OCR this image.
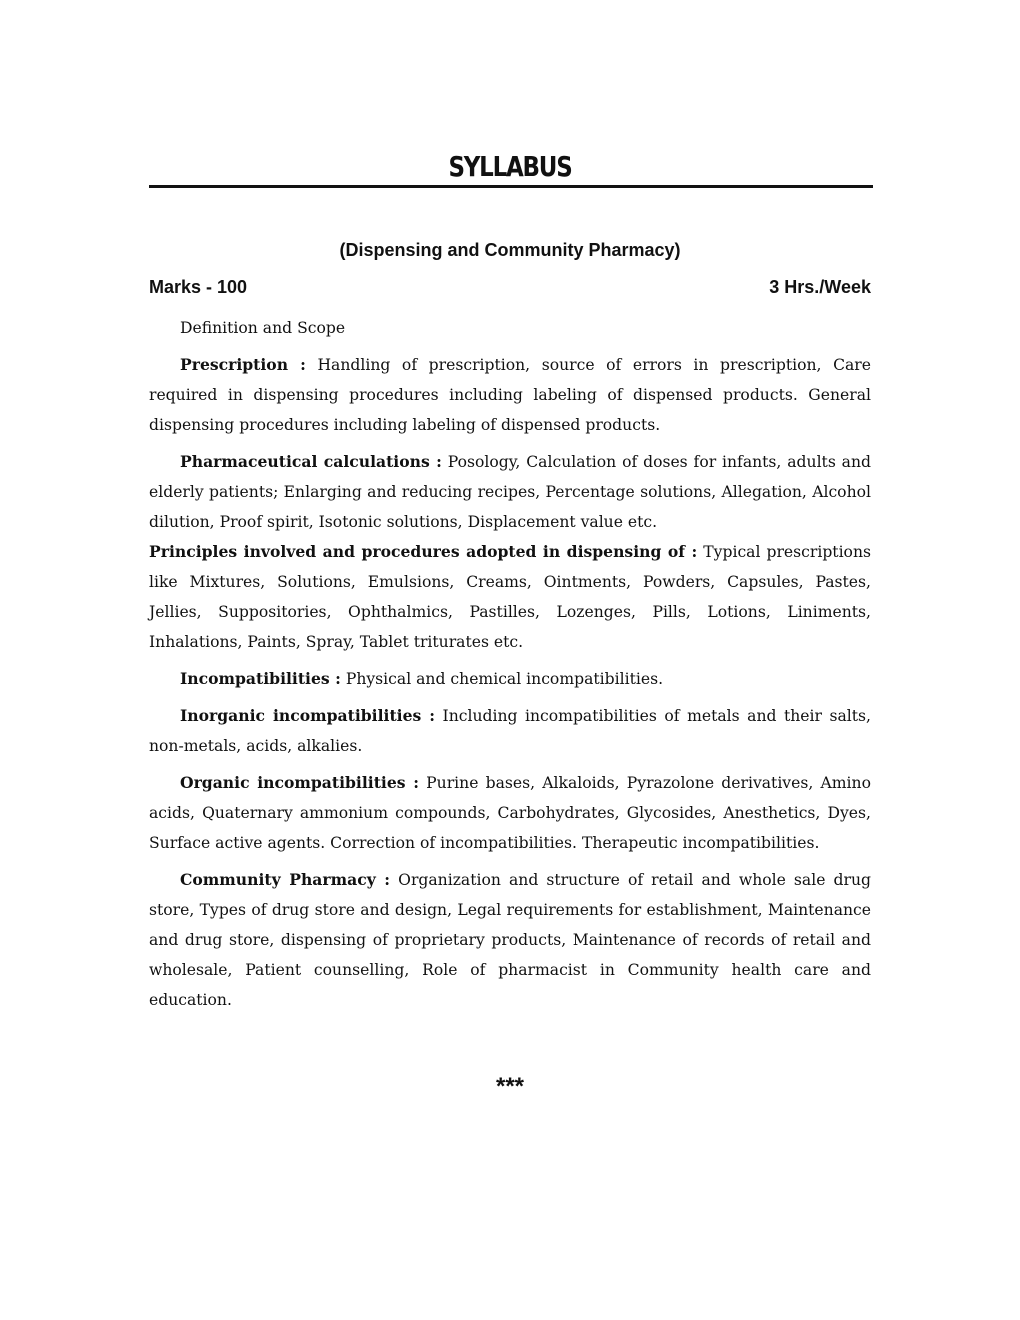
SYLLABUS
(Dispensing and Community Pharmacy)
Marks - 100	3 Hrs./Week

Definition and Scope

Prescription : Handling of prescription, source of errors in prescription, Care required in dispensing procedures including labeling of dispensed products. General dispensing procedures including labeling of dispensed products.

Pharmaceutical calculations : Posology, Calculation of doses for infants, adults and elderly patients; Enlarging and reducing recipes, Percentage solutions, Allegation, Alcohol dilution, Proof spirit, Isotonic solutions, Displacement value etc.

Principles involved and procedures adopted in dispensing of : Typical prescriptions like Mixtures, Solutions, Emulsions, Creams, Ointments, Powders, Capsules, Pastes, Jellies, Suppositories, Ophthalmics, Pastilles, Lozenges, Pills, Lotions, Liniments, Inhalations, Paints, Spray, Tablet triturates etc.

Incompatibilities : Physical and chemical incompatibilities.

Inorganic incompatibilities : Including incompatibilities of metals and their salts, non-metals, acids, alkalies.

Organic incompatibilities : Purine bases, Alkaloids, Pyrazolone derivatives, Amino acids, Quaternary ammonium compounds, Carbohydrates, Glycosides, Anesthetics, Dyes, Surface active agents. Correction of incompatibilities. Therapeutic incompatibilities.

Community Pharmacy : Organization and structure of retail and whole sale drug store, Types of drug store and design, Legal requirements for establishment, Maintenance and drug store, dispensing of proprietary products, Maintenance of records of retail and wholesale, Patient counselling, Role of pharmacist in Community health care and education.

***
